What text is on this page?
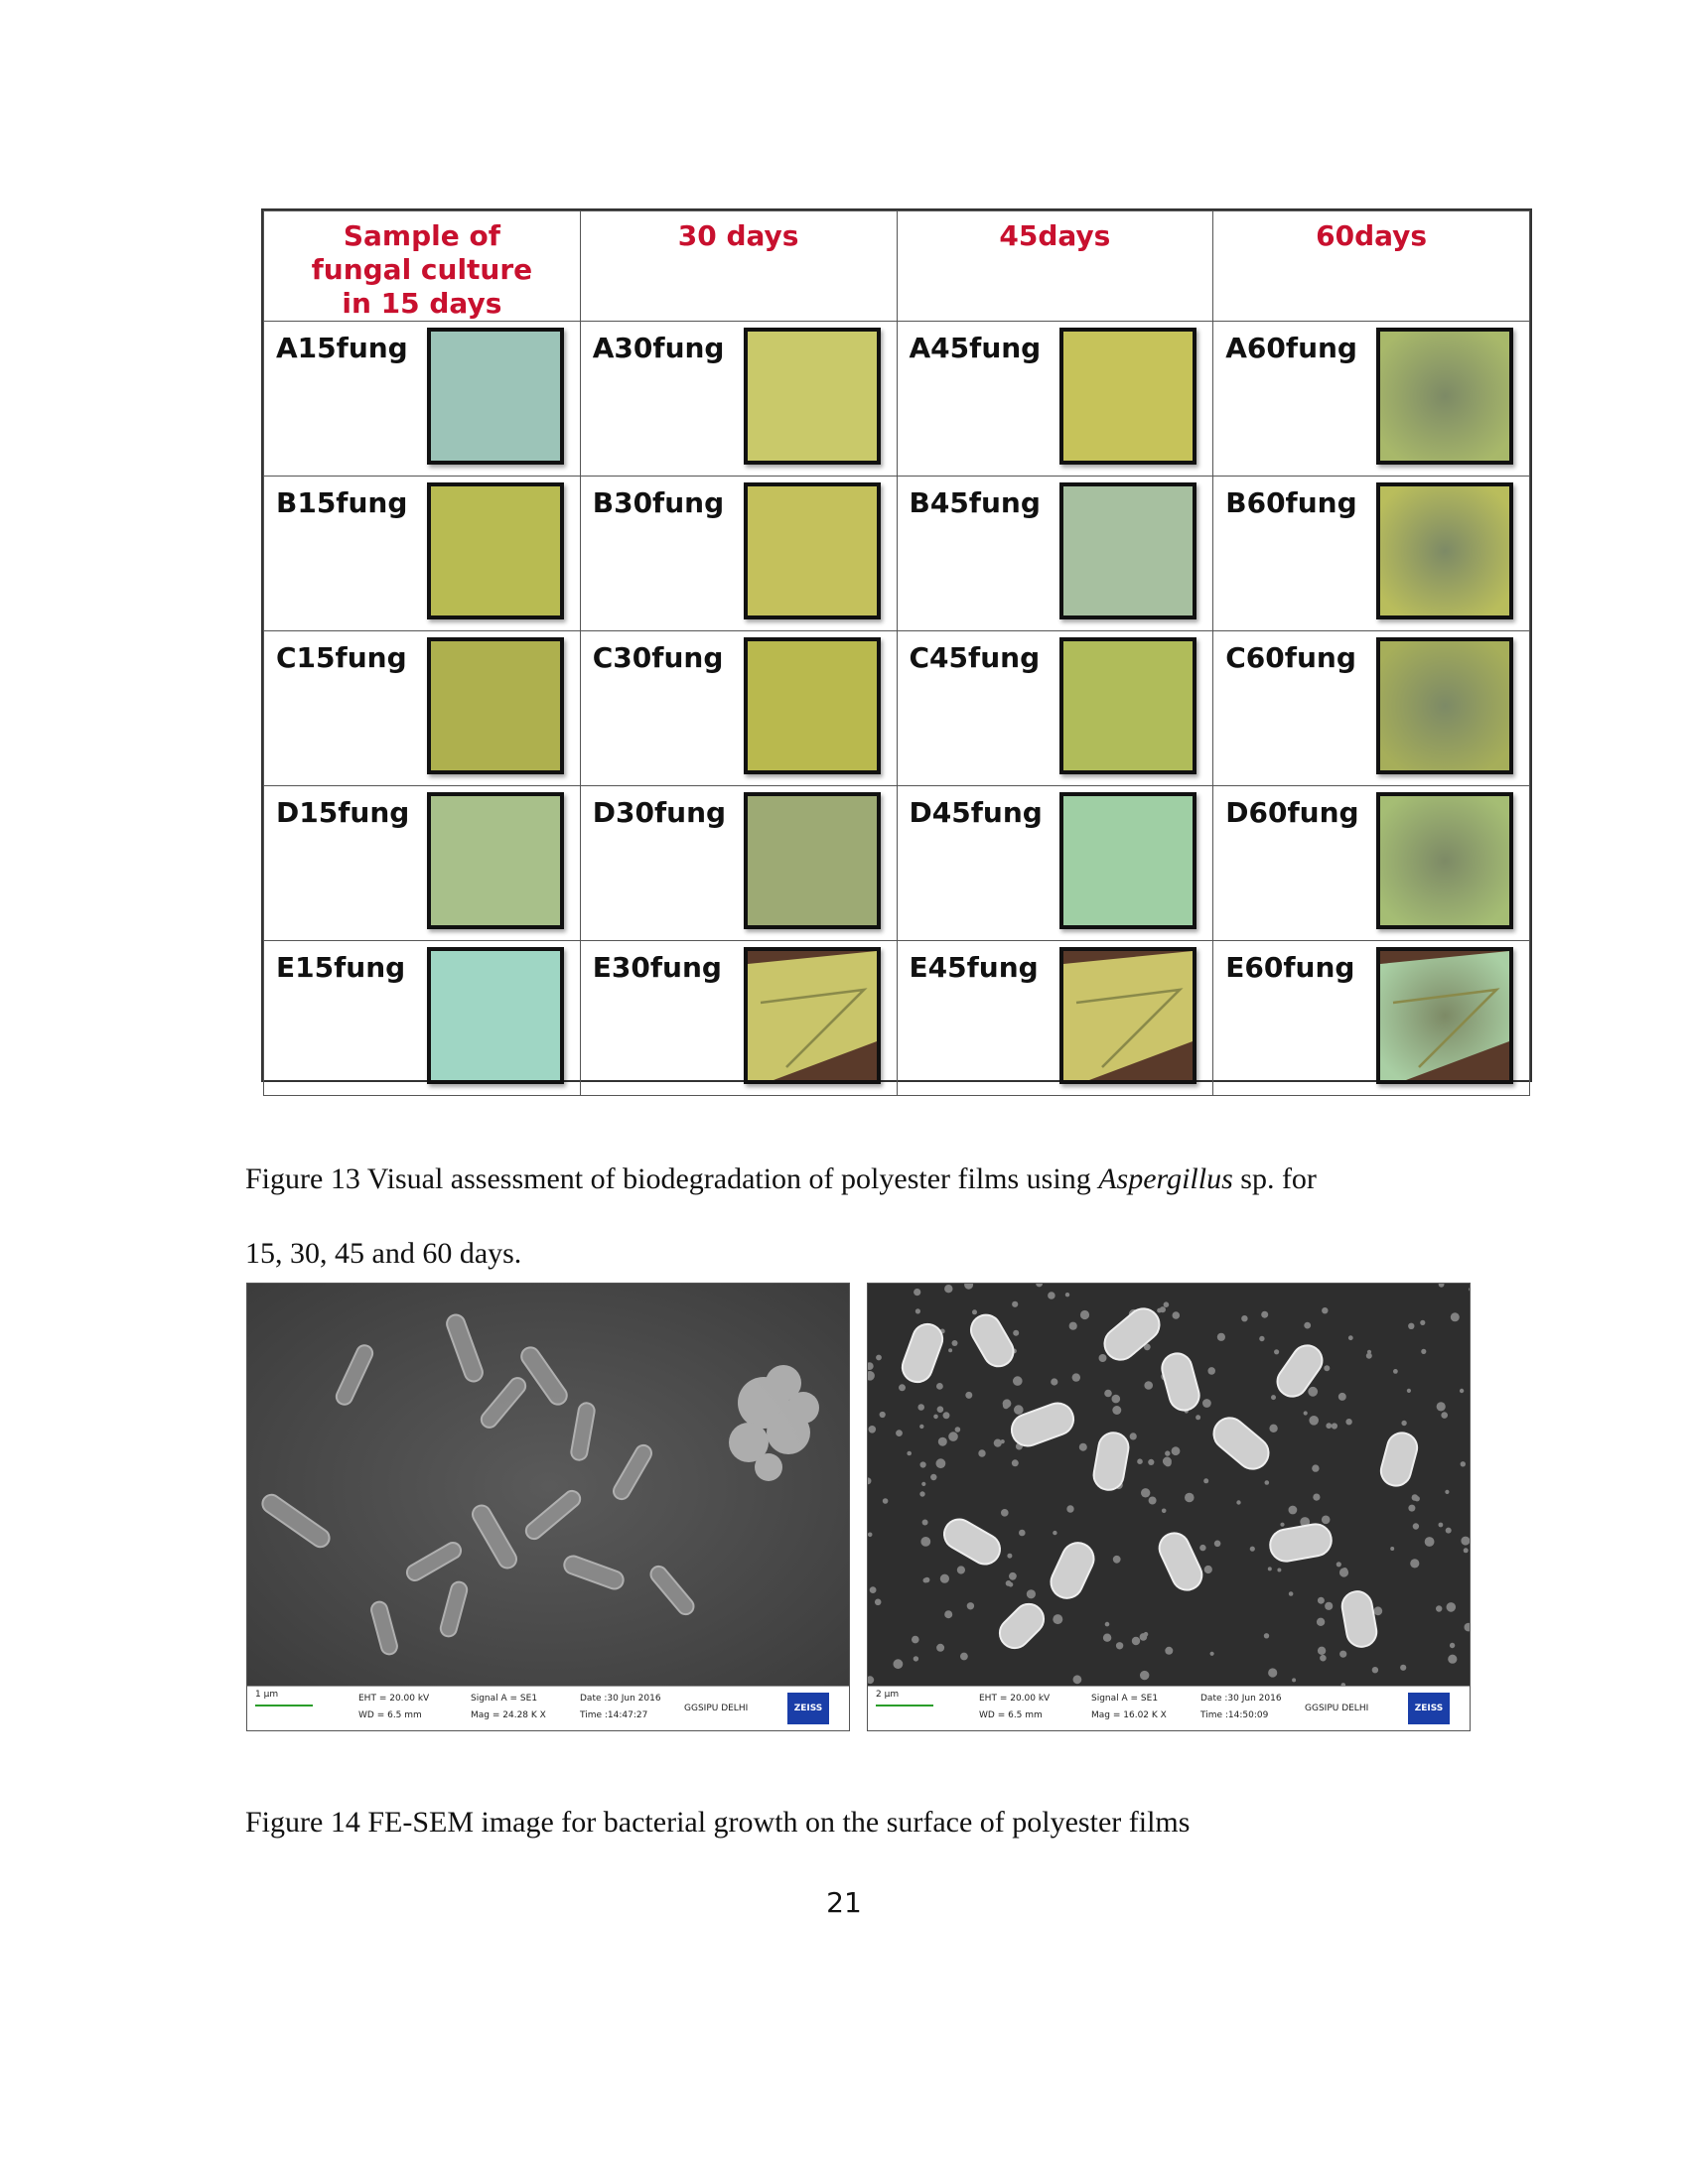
Sample of fungal culture in 15 days	30 days	45days	60days

A15fung	A30fung	A45fung	A60fung

B15fung	B30fung	B45fung	B60fung

C15fung	C30fung	C45fung	C60fung

D15fung	D30fung	D45fung	D60fung

E15fung	E30fung	E45fung	E60fung

Figure 13 Visual assessment of biodegradation of polyester films using Aspergillus sp. for

15, 30, 45 and 60 days.

1 µm	EHT = 20.00 kV
WD = 6.5 mm
Signal A = SE1
Mag = 24.28 K X
Date :30 Jun 2016
Time :14:47:27
GGSIPU DELHI	ZEISS
2 µm	EHT = 20.00 kV
WD = 6.5 mm
Signal A = SE1
Mag = 16.02 K X
Date :30 Jun 2016
Time :14:50:09
GGSIPU DELHI	ZEISS

Figure 14 FE-SEM image for bacterial growth on the surface of polyester films

21
